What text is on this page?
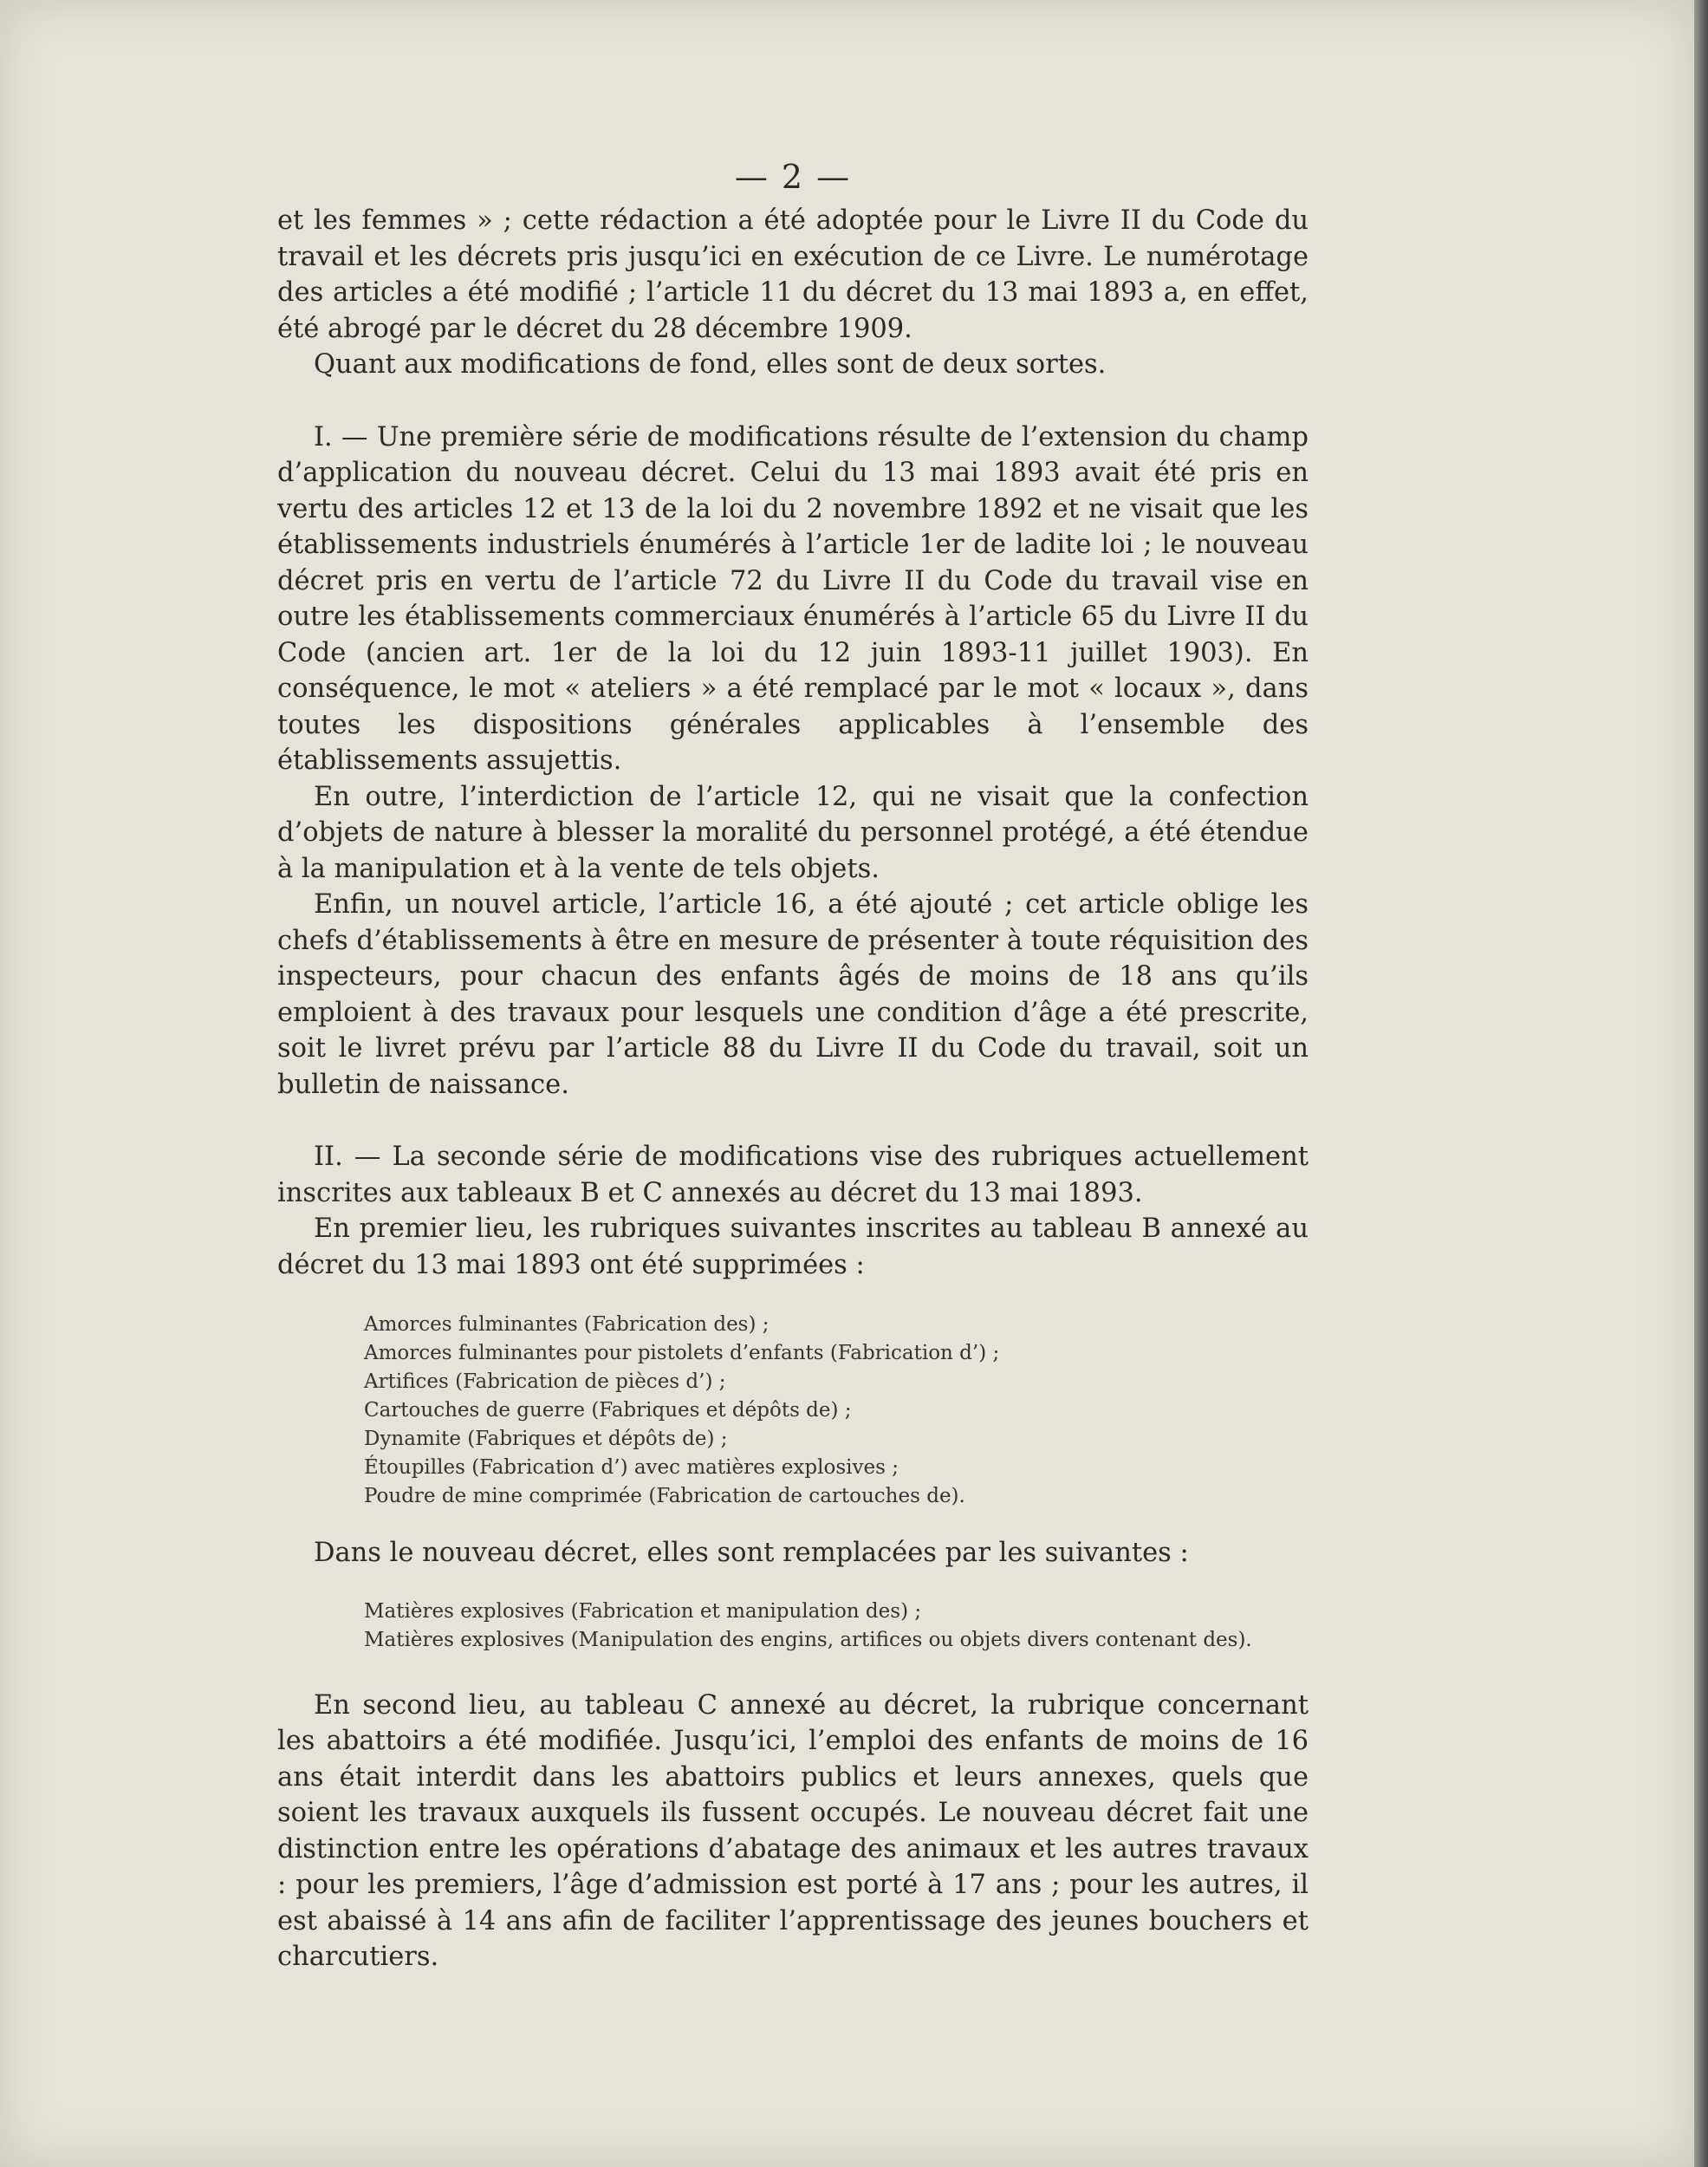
— 2 —

et les femmes » ; cette rédaction a été adoptée pour le Livre II du Code du travail et les décrets pris jusqu’ici en exécution de ce Livre. Le numérotage des articles a été modifié ; l’article 11 du décret du 13 mai 1893 a, en effet, été abrogé par le décret du 28 décembre 1909.

Quant aux modifications de fond, elles sont de deux sortes.

I. — Une première série de modifications résulte de l’extension du champ d’application du nouveau décret. Celui du 13 mai 1893 avait été pris en vertu des articles 12 et 13 de la loi du 2 novembre 1892 et ne visait que les établissements industriels énumérés à l’article 1er de ladite loi ; le nouveau décret pris en vertu de l’article 72 du Livre II du Code du travail vise en outre les établissements commerciaux énumérés à l’article 65 du Livre II du Code (ancien art. 1er de la loi du 12 juin 1893-11 juillet 1903). En conséquence, le mot « ateliers » a été remplacé par le mot « locaux », dans toutes les dispositions générales applicables à l’ensemble des établissements assujettis.

En outre, l’interdiction de l’article 12, qui ne visait que la confection d’objets de nature à blesser la moralité du personnel protégé, a été étendue à la manipulation et à la vente de tels objets.

Enfin, un nouvel article, l’article 16, a été ajouté ; cet article oblige les chefs d’établissements à être en mesure de présenter à toute réquisition des inspecteurs, pour chacun des enfants âgés de moins de 18 ans qu’ils emploient à des travaux pour lesquels une condition d’âge a été prescrite, soit le livret prévu par l’article 88 du Livre II du Code du travail, soit un bulletin de naissance.

II. — La seconde série de modifications vise des rubriques actuellement inscrites aux tableaux B et C annexés au décret du 13 mai 1893.

En premier lieu, les rubriques suivantes inscrites au tableau B annexé au décret du 13 mai 1893 ont été supprimées :

Amorces fulminantes (Fabrication des) ;
Amorces fulminantes pour pistolets d’enfants (Fabrication d’) ;
Artifices (Fabrication de pièces d’) ;
Cartouches de guerre (Fabriques et dépôts de) ;
Dynamite (Fabriques et dépôts de) ;
Étoupilles (Fabrication d’) avec matières explosives ;
Poudre de mine comprimée (Fabrication de cartouches de).

Dans le nouveau décret, elles sont remplacées par les suivantes :

Matières explosives (Fabrication et manipulation des) ;
Matières explosives (Manipulation des engins, artifices ou objets divers contenant des).

En second lieu, au tableau C annexé au décret, la rubrique concernant les abattoirs a été modifiée. Jusqu’ici, l’emploi des enfants de moins de 16 ans était interdit dans les abattoirs publics et leurs annexes, quels que soient les travaux auxquels ils fussent occupés. Le nouveau décret fait une distinction entre les opérations d’abatage des animaux et les autres travaux : pour les premiers, l’âge d’admission est porté à 17 ans ; pour les autres, il est abaissé à 14 ans afin de faciliter l’apprentissage des jeunes bouchers et charcutiers.
